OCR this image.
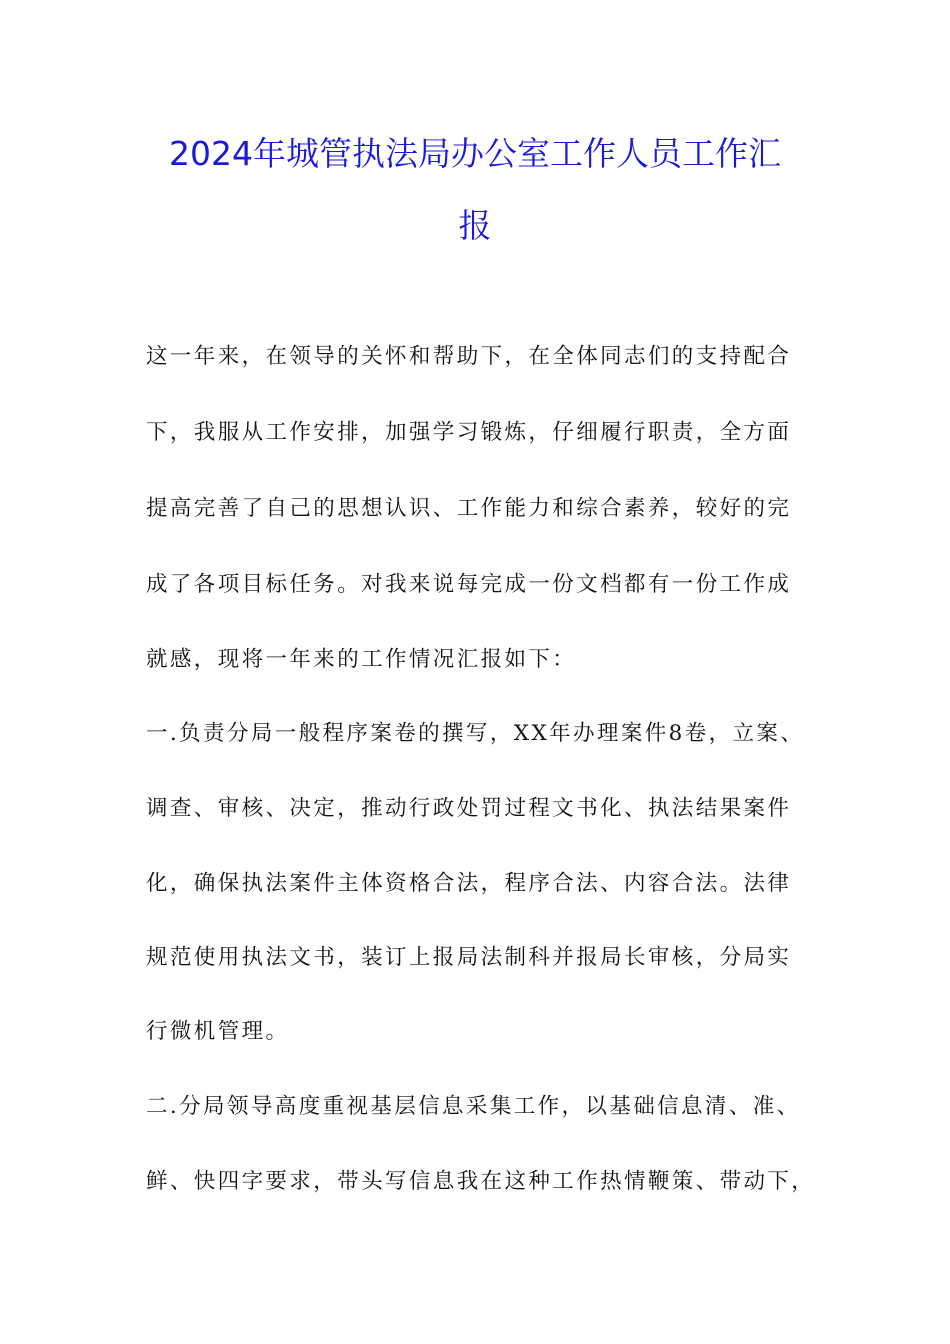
2024年城管执法局办公室工作人员工作汇
报
这一年来，在领导的关怀和帮助下，在全体同志们的支持配合
下，我服从工作安排，加强学习锻炼，仔细履行职责，全方面
提高完善了自己的思想认识、工作能力和综合素养，较好的完
成了各项目标任务。对我来说每完成一份文档都有一份工作成
就感，现将一年来的工作情况汇报如下：
一.负责分局一般程序案卷的撰写，XX年办理案件8卷，立案、
调查、审核、决定，推动行政处罚过程文书化、执法结果案件
化，确保执法案件主体资格合法，程序合法、内容合法。法律
规范使用执法文书，装订上报局法制科并报局长审核，分局实
行微机管理。
二.分局领导高度重视基层信息采集工作，以基础信息清、准、
鲜、快四字要求，带头写信息我在这种工作热情鞭策、带动下，
